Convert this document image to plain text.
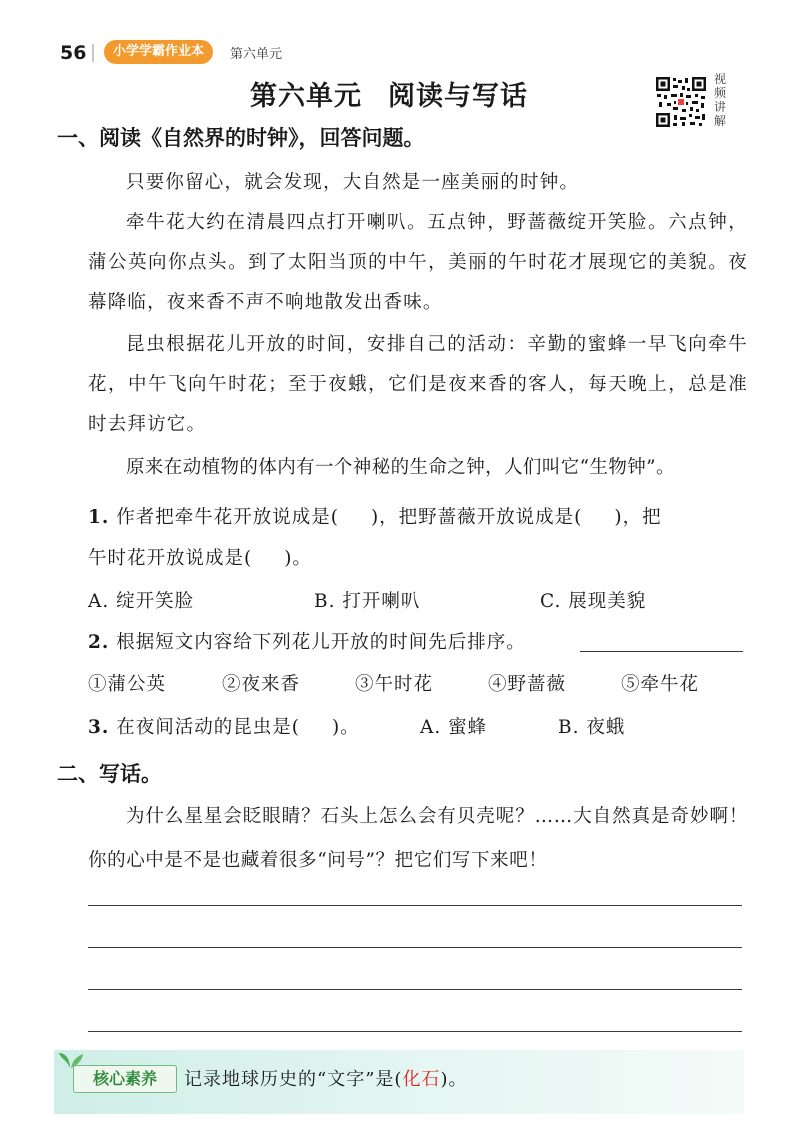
56	小学学霸作业本	第六单元
第六单元 阅读与写话
视频讲解
一、阅读《自然界的时钟》，回答问题。
只要你留心，就会发现，大自然是一座美丽的时钟。
牵牛花大约在清晨四点打开喇叭。五点钟，野蔷薇绽开笑脸。六点钟，蒲公英向你点头。到了太阳当顶的中午，美丽的午时花才展现它的美貌。夜幕降临，夜来香不声不响地散发出香味。
昆虫根据花儿开放的时间，安排自己的活动：辛勤的蜜蜂一早飞向牵牛花，中午飞向午时花；至于夜蛾，它们是夜来香的客人，每天晚上，总是准时去拜访它。
原来在动植物的体内有一个神秘的生命之钟，人们叫它“生物钟”。
1. 作者把牵牛花开放说成是( )，把野蔷薇开放说成是( )，把
午时花开放说成是( )。
A. 绽开笑脸	B. 打开喇叭	C. 展现美貌
2. 根据短文内容给下列花儿开放的时间先后排序。
①蒲公英	②夜来香	③午时花	④野蔷薇	⑤牵牛花
3. 在夜间活动的昆虫是( )。	A. 蜜蜂	B. 夜蛾
二、写话。
为什么星星会眨眼睛？石头上怎么会有贝壳呢？……大自然真是奇妙啊！你的心中是不是也藏着很多“问号”？把它们写下来吧！
核心素养	记录地球历史的“文字”是(化石)。
